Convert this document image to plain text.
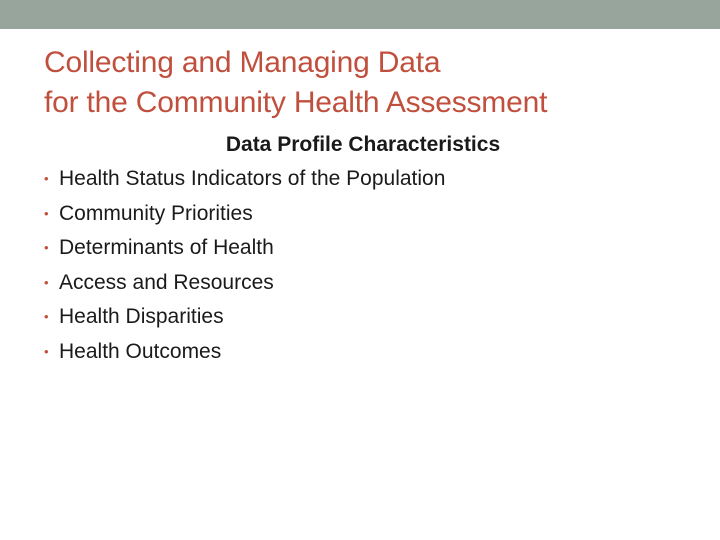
Collecting and Managing Data
for the Community Health Assessment
Data Profile Characteristics
• Health Status Indicators of the Population
• Community Priorities
• Determinants of Health
• Access and Resources
• Health Disparities
• Health Outcomes
